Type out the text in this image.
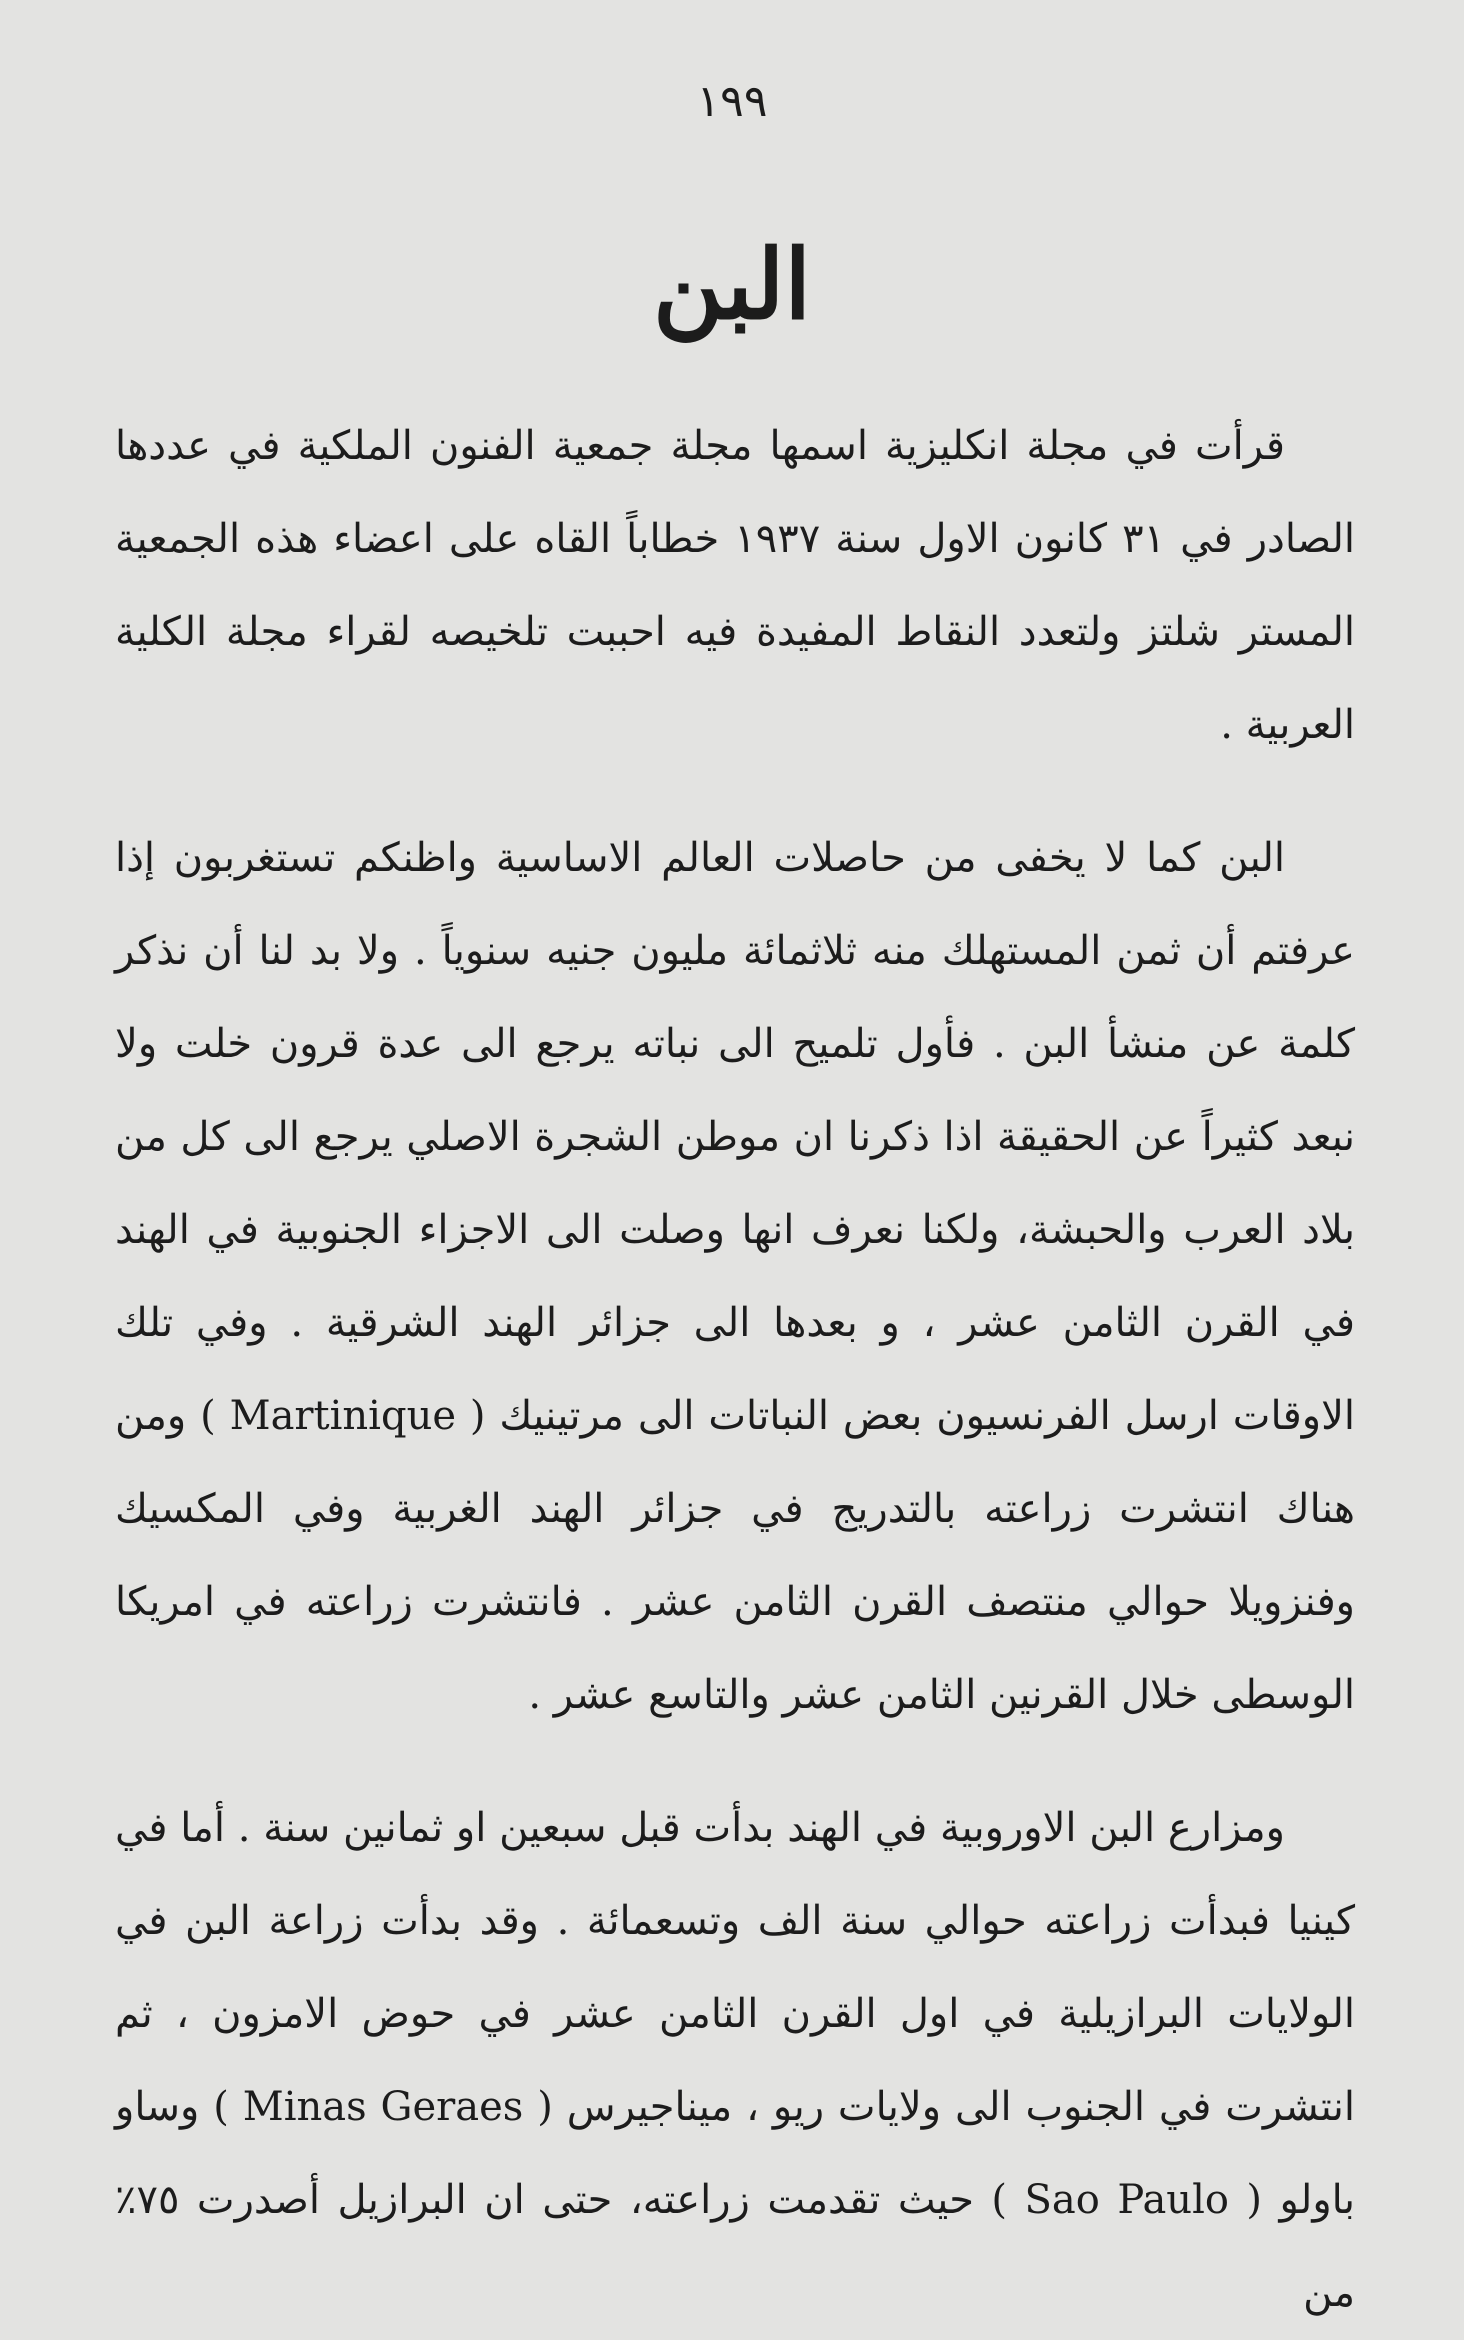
١٩٩
البن

قرأت في مجلة انكليزية اسمها مجلة جمعية الفنون الملكية في عددها الصادر في ٣١ كانون الاول سنة ١٩٣٧ خطاباً القاه على اعضاء هذه الجمعية المستر شلتز ولتعدد النقاط المفيدة فيه احببت تلخيصه لقراء مجلة الكلية العربية .

البن كما لا يخفى من حاصلات العالم الاساسية واظنكم تستغربون إذا عرفتم أن ثمن المستهلك منه ثلاثمائة مليون جنيه سنوياً . ولا بد لنا أن نذكر كلمة عن منشأ البن . فأول تلميح الى نباته يرجع الى عدة قرون خلت ولا نبعد كثيراً عن الحقيقة اذا ذكرنا ان موطن الشجرة الاصلي يرجع الى كل من بلاد العرب والحبشة، ولكنا نعرف انها وصلت الى الاجزاء الجنوبية في الهند في القرن الثامن عشر ، و بعدها الى جزائر الهند الشرقية . وفي تلك الاوقات ارسل الفرنسيون بعض النباتات الى مرتينيك ( Martinique ) ومن هناك انتشرت زراعته بالتدريج في جزائر الهند الغربية وفي المكسيك وفنزويلا حوالي منتصف القرن الثامن عشر . فانتشرت زراعته في امريكا الوسطى خلال القرنين الثامن عشر والتاسع عشر .

ومزارع البن الاوروبية في الهند بدأت قبل سبعين او ثمانين سنة . أما في كينيا فبدأت زراعته حوالي سنة الف وتسعمائة . وقد بدأت زراعة البن في الولايات البرازيلية في اول القرن الثامن عشر في حوض الامزون ، ثم انتشرت في الجنوب الى ولايات ريو ، ميناجيرس ( Minas Geraes ) وساو باولو ( Sao Paulo ) حيث تقدمت زراعته، حتى ان البرازيل أصدرت ٧٥٪ من
